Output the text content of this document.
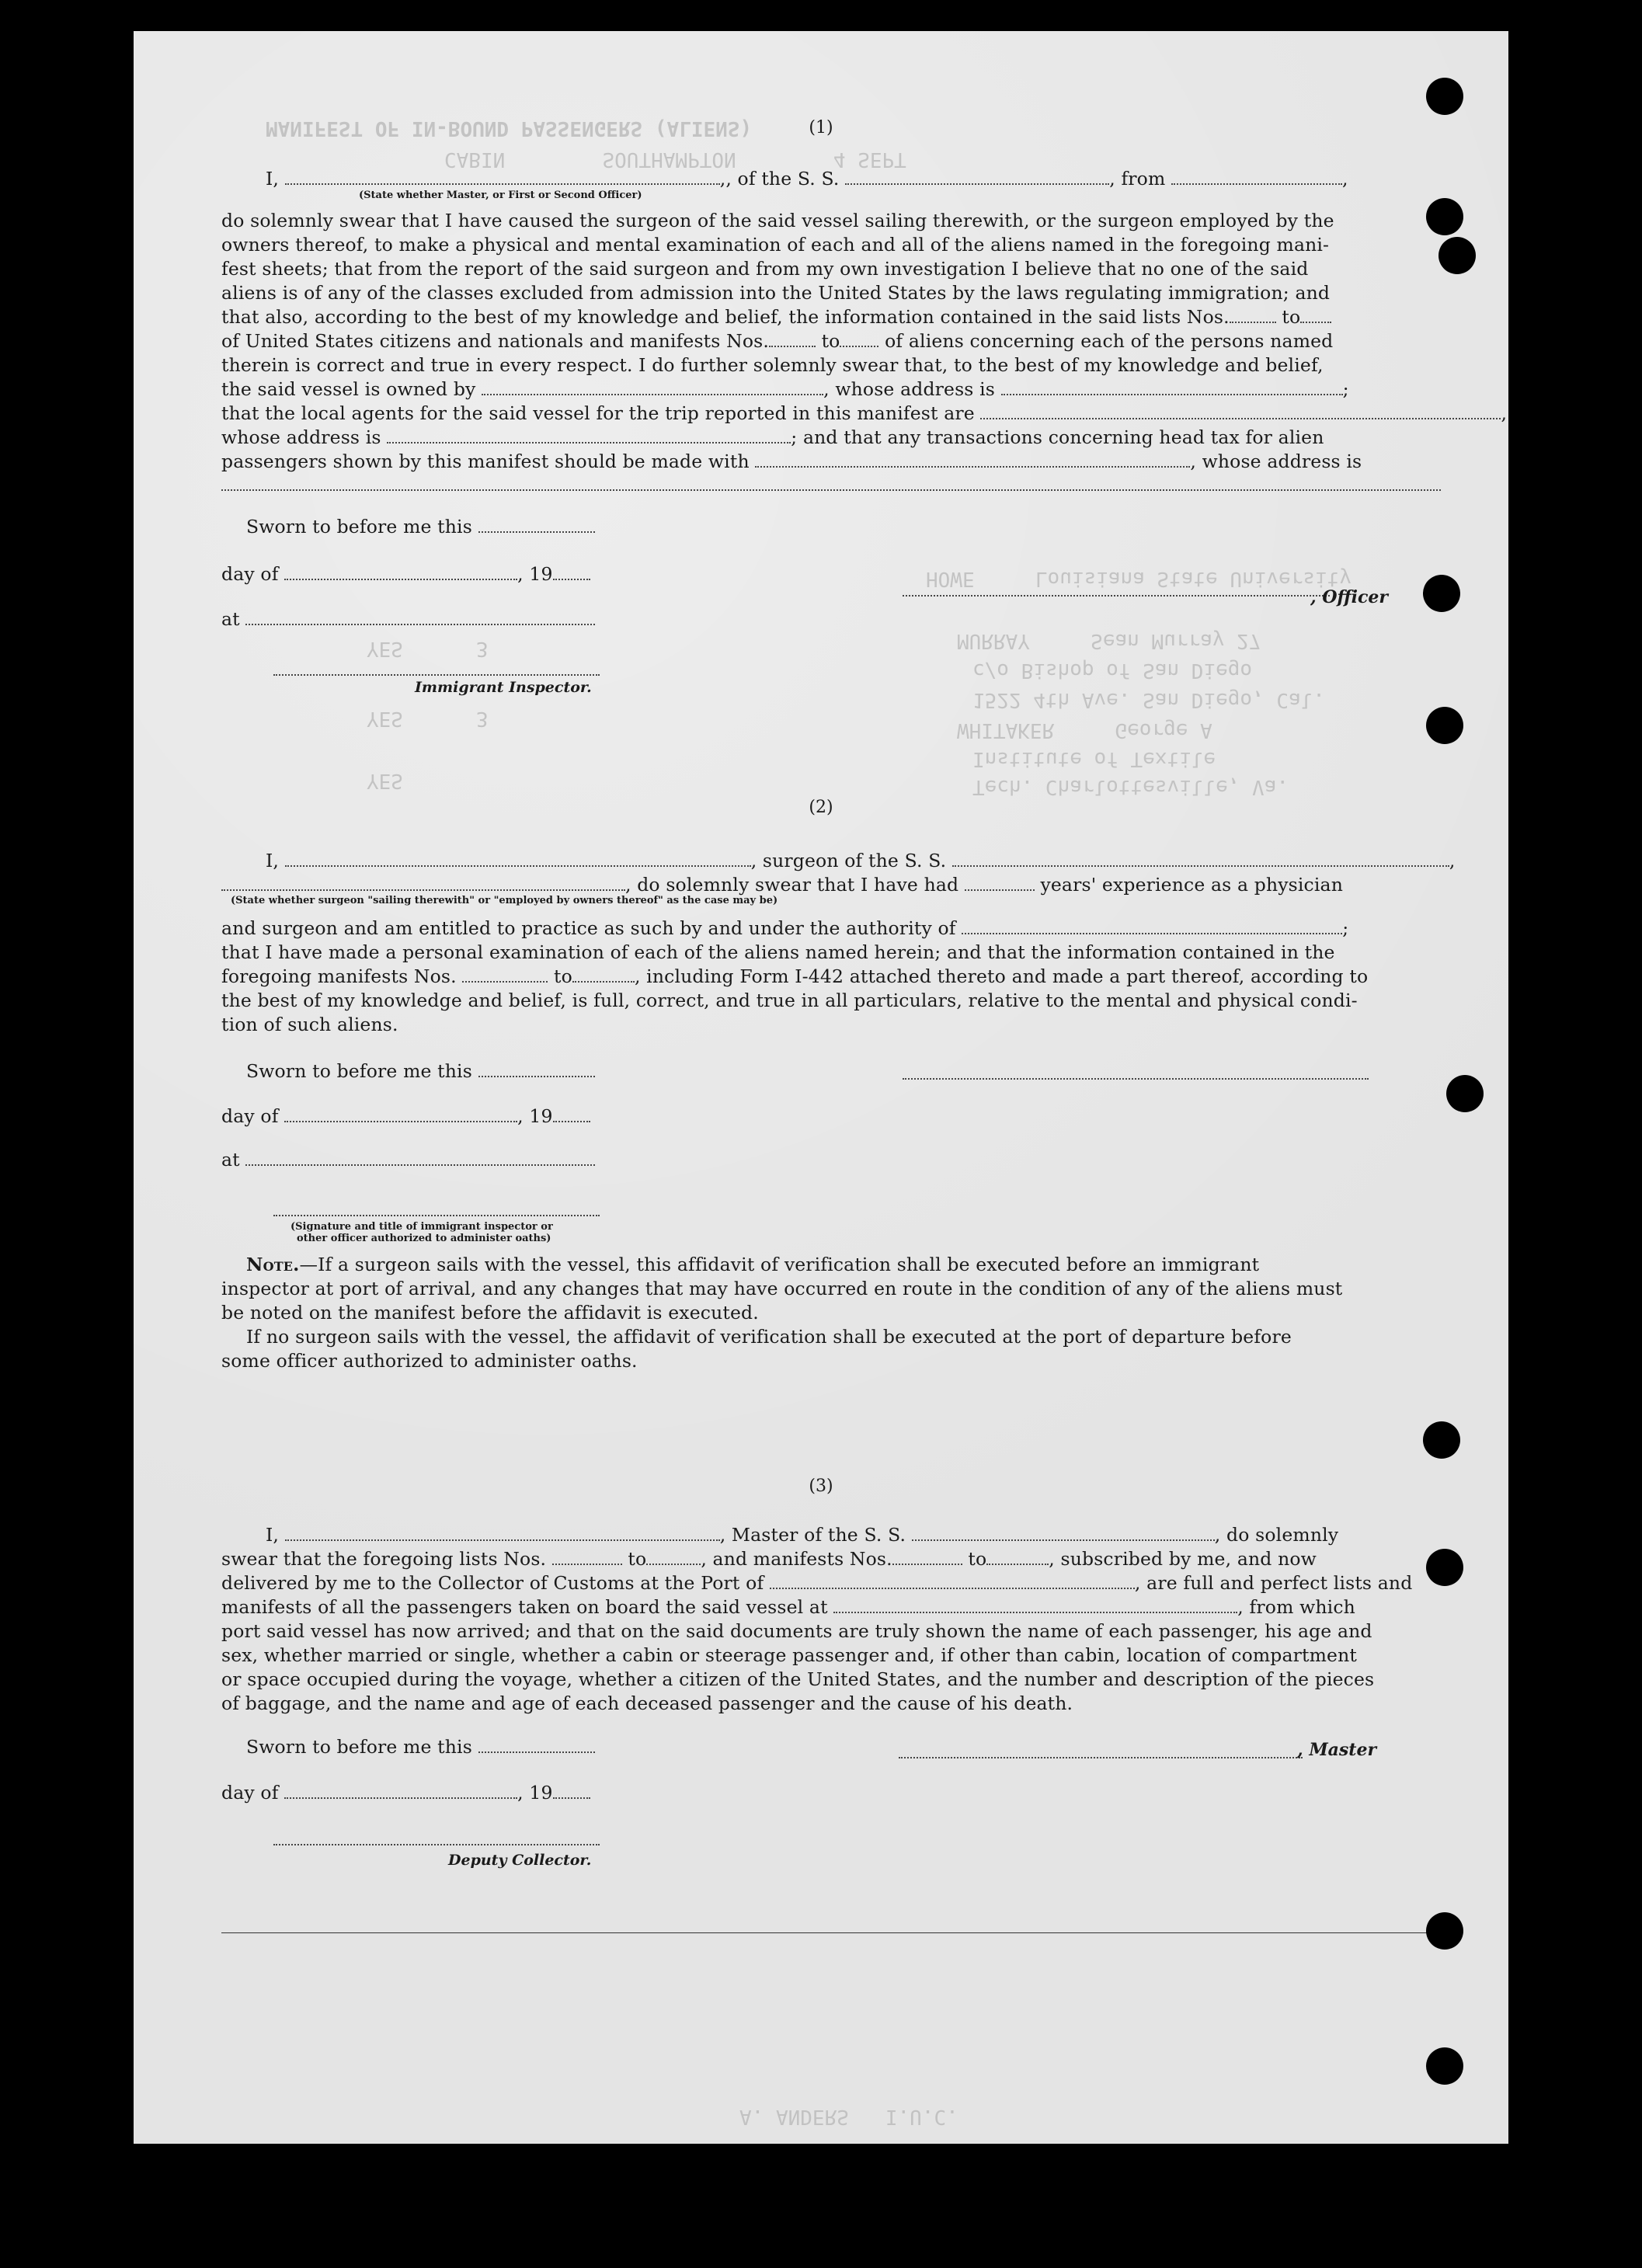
MANIFEST OF IN-BOUND PASSENGERS (ALIENS)
CABIN        SOUTHAMPTON        4 SEPT
HOWE     Louisiana State University
MURRAY     Sean Murray 27
c/o Bishop of San Diego
1522 4th Ave. San Diego, Cal.
WHITAKER     George A
Institute of Textile
Tech. Charlottesville, Va.
YES      3
YES      3
YES
A. ANDERS   I.U.C.
(1)
I,	,, of the S. S.	, from	,
(State whether Master, or First or Second Officer)
do solemnly swear that I have caused the surgeon of the said vessel sailing therewith, or the surgeon employed by the
owners thereof, to make a physical and mental examination of each and all of the aliens named in the foregoing mani-
fest sheets; that from the report of the said surgeon and from my own investigation I believe that no one of the said
aliens is of any of the classes excluded from admission into the United States by the laws regulating immigration; and
that also, according to the best of my knowledge and belief, the information contained in the said lists Nos.	to
of United States citizens and nationals and manifests Nos.	to of aliens concerning each of the persons named
therein is correct and true in every respect. I do further solemnly swear that, to the best of my knowledge and belief,
the said vessel is owned by	, whose address is	;
that the local agents for the said vessel for the trip reported in this manifest are	,
whose address is	; and that any transactions concerning head tax for alien
passengers shown by this manifest should be made with	, whose address is
Sworn to before me this
day of	, 19
at
Immigrant Inspector.
, Officer
(2)
I,	, surgeon of the S. S.	,
, do solemnly swear that I have had	years' experience as a physician
(State whether surgeon "sailing therewith" or "employed by owners thereof" as the case may be)
and surgeon and am entitled to practice as such by and under the authority of	;
that I have made a personal examination of each of the aliens named herein; and that the information contained in the
foregoing manifests Nos.	to	, including Form I-442 attached thereto and made a part thereof, according to
the best of my knowledge and belief, is full, correct, and true in all particulars, relative to the mental and physical condi-
tion of such aliens.
Sworn to before me this
day of	, 19
at
(Signature and title of immigrant inspector or
other officer authorized to administer oaths)
Note.—If a surgeon sails with the vessel, this affidavit of verification shall be executed before an immigrant
inspector at port of arrival, and any changes that may have occurred en route in the condition of any of the aliens must
be noted on the manifest before the affidavit is executed.
If no surgeon sails with the vessel, the affidavit of verification shall be executed at the port of departure before
some officer authorized to administer oaths.
(3)
I,	, Master of the S. S.	, do solemnly
swear that the foregoing lists Nos.	to	, and manifests Nos.	to	, subscribed by me, and now
delivered by me to the Collector of Customs at the Port of	, are full and perfect lists and
manifests of all the passengers taken on board the said vessel at	, from which
port said vessel has now arrived; and that on the said documents are truly shown the name of each passenger, his age and
sex, whether married or single, whether a cabin or steerage passenger and, if other than cabin, location of compartment
or space occupied during the voyage, whether a citizen of the United States, and the number and description of the pieces
of baggage, and the name and age of each deceased passenger and the cause of his death.
Sworn to before me this	, Master
day of	, 19
Deputy Collector.
